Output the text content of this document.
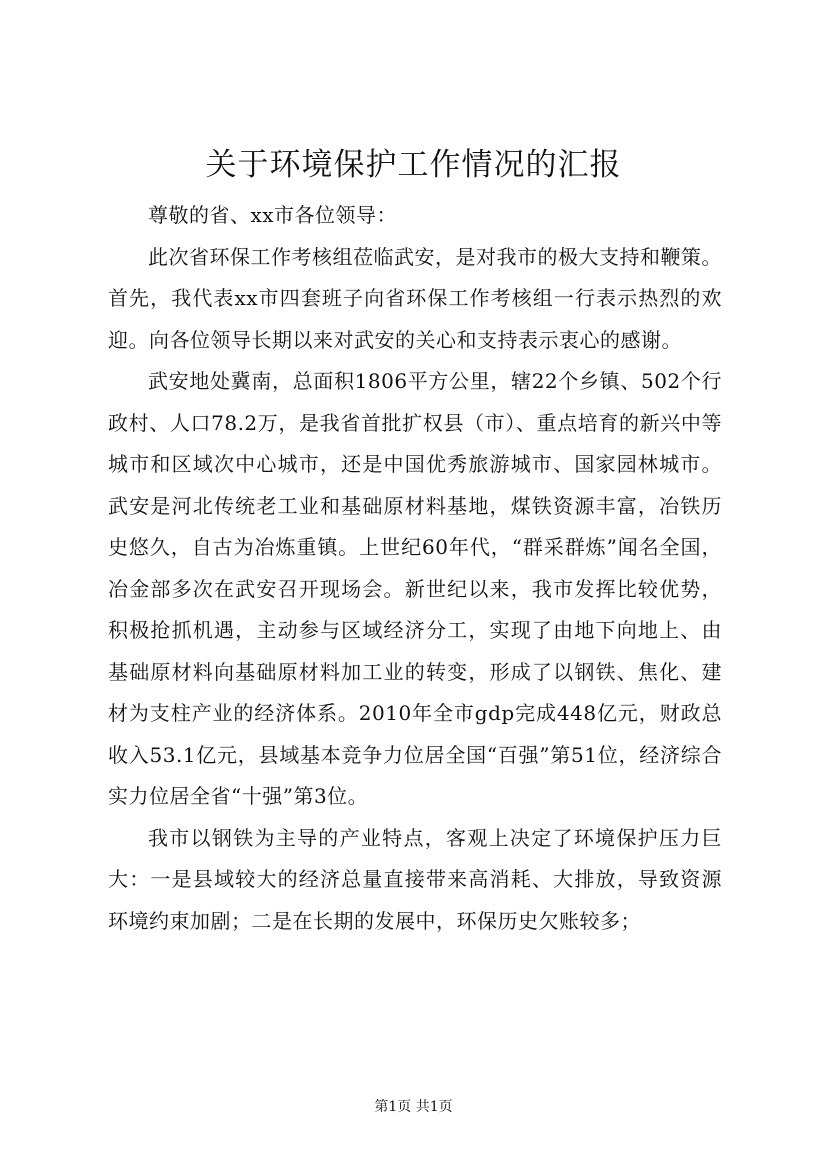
关于环境保护工作情况的汇报

尊敬的省、xx市各位领导：

此次省环保工作考核组莅临武安，是对我市的极大支持和鞭策。首先，我代表xx市四套班子向省环保工作考核组一行表示热烈的欢迎。向各位领导长期以来对武安的关心和支持表示衷心的感谢。

武安地处冀南，总面积1806平方公里，辖22个乡镇、502个行政村、人口78.2万，是我省首批扩权县（市）、重点培育的新兴中等城市和区域次中心城市，还是中国优秀旅游城市、国家园林城市。武安是河北传统老工业和基础原材料基地，煤铁资源丰富，冶铁历史悠久，自古为冶炼重镇。上世纪60年代，“群采群炼”闻名全国，冶金部多次在武安召开现场会。新世纪以来，我市发挥比较优势，积极抢抓机遇，主动参与区域经济分工，实现了由地下向地上、由基础原材料向基础原材料加工业的转变，形成了以钢铁、焦化、建材为支柱产业的经济体系。2010年全市gdp完成448亿元，财政总收入53.1亿元，县域基本竞争力位居全国“百强”第51位，经济综合实力位居全省“十强”第3位。

我市以钢铁为主导的产业特点，客观上决定了环境保护压力巨大：一是县域较大的经济总量直接带来高消耗、大排放，导致资源环境约束加剧；二是在长期的发展中，环保历史欠账较多；

第1页 共1页
